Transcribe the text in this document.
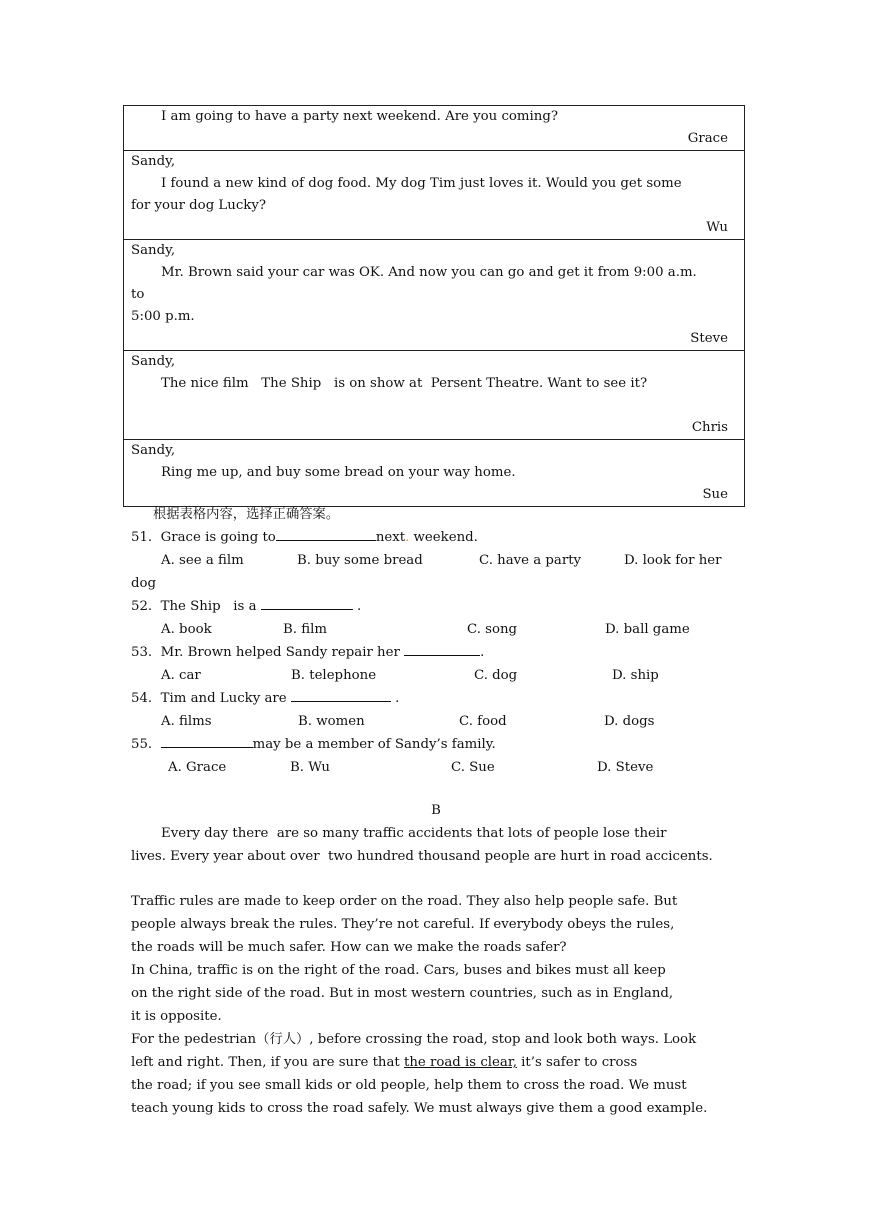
I am going to have a party next weekend. Are you coming?
Grace

Sandy,
I found a new kind of dog food. My dog Tim just loves it. Would you get some
for your dog Lucky?
Wu

Sandy,
Mr. Brown said your car was OK. And now you can go and get it from 9:00 a.m.
to
5:00 p.m.
Steve

Sandy,
The nice film   The Ship   is on show at  Persent Theatre. Want to see it?
Chris

Sandy,
Ring me up, and buy some bread on your way home.
Sue
根据表格内容，选择正确答案。
51. Grace is going to	next. weekend.
A. see a film	B. buy some bread	C. have a party	D. look for her
dog
52. The Ship   is a	.
A. book	B. film	C. song	D. ball game
53. Mr. Brown helped Sandy repair her	.
A. car	B. telephone	C. dog	D. ship
54. Tim and Lucky are	.
A. films	B. women	C. food	D. dogs
55.	may be a member of Sandy’s family.
A. Grace	B. Wu	C. Sue	D. Steve
B
Every day there  are so many traffic accidents that lots of people lose their
lives. Every year about over  two hundred thousand people are hurt in road accicents.
Traffic rules are made to keep order on the road. They also help people safe. But
people always break the rules. They’re not careful. If everybody obeys the rules,
the roads will be much safer. How can we make the roads safer?
In China, traffic is on the right of the road. Cars, buses and bikes must all keep
on the right side of the road. But in most western countries, such as in England,
it is opposite.
For the pedestrian（行人）, before crossing the road, stop and look both ways. Look
left and right. Then, if you are sure that the road is clear, it’s safer to cross
the road; if you see small kids or old people, help them to cross the road. We must
teach young kids to cross the road safely. We must always give them a good example.
